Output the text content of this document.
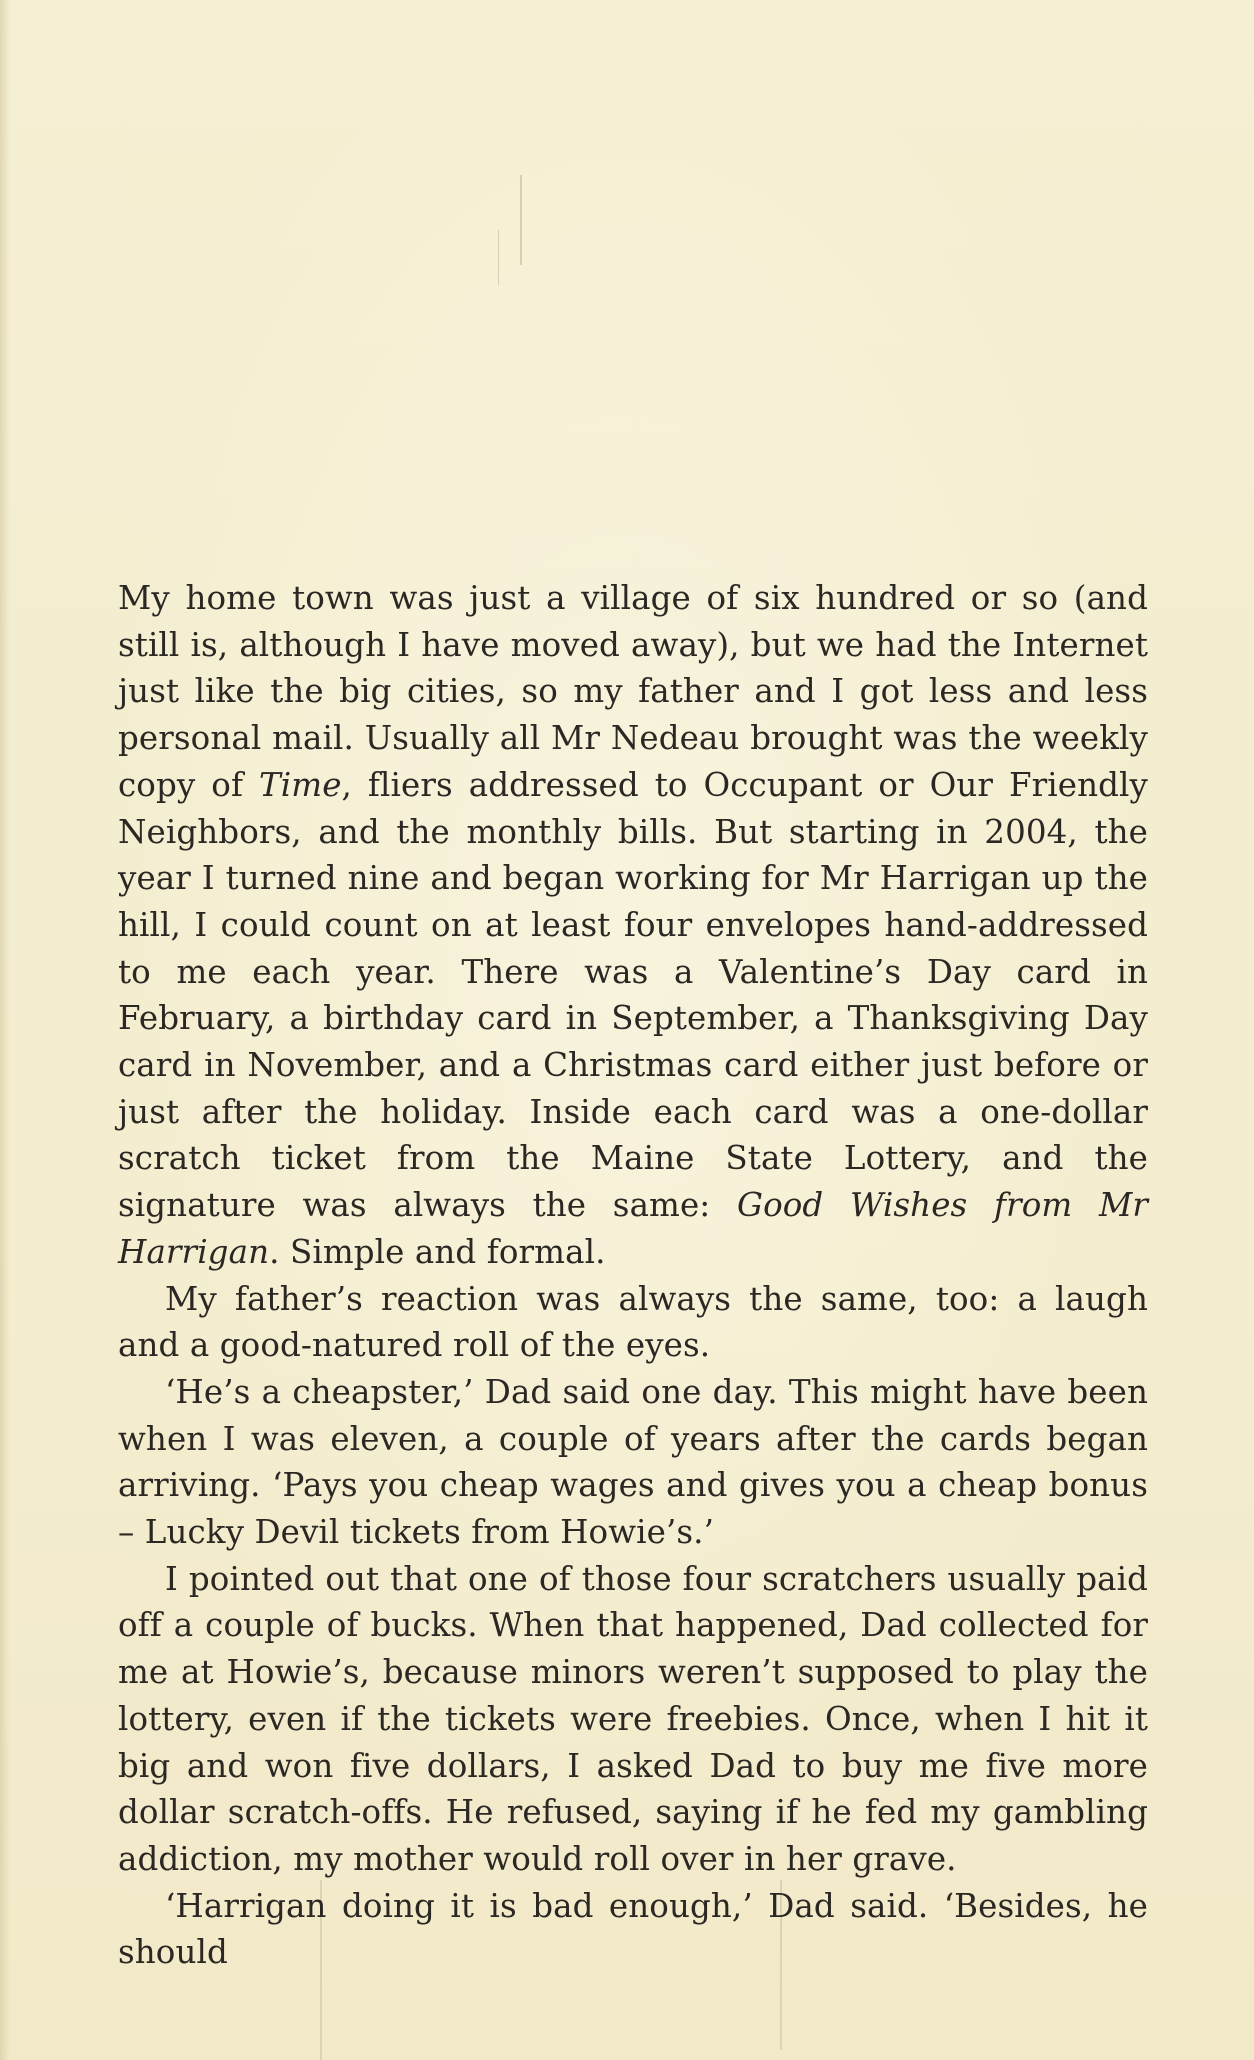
My home town was just a village of six hundred or so (and still is, although I have moved away), but we had the Internet just like the big cities, so my father and I got less and less personal mail. Usually all Mr Nedeau brought was the weekly copy of Time, fliers addressed to Occupant or Our Friendly Neighbors, and the monthly bills. But starting in 2004, the year I turned nine and began working for Mr Harrigan up the hill, I could count on at least four envelopes hand-addressed to me each year. There was a Valentine’s Day card in February, a birthday card in September, a Thanksgiving Day card in November, and a Christmas card either just before or just after the holiday. Inside each card was a one-dollar scratch ticket from the Maine State Lottery, and the signature was always the same: Good Wishes from Mr Harrigan. Simple and formal.

My father’s reaction was always the same, too: a laugh and a good-natured roll of the eyes.

‘He’s a cheapster,’ Dad said one day. This might have been when I was eleven, a couple of years after the cards began arriving. ‘Pays you cheap wages and gives you a cheap bonus – Lucky Devil tickets from Howie’s.’

I pointed out that one of those four scratchers usually paid off a couple of bucks. When that happened, Dad collected for me at Howie’s, because minors weren’t supposed to play the lottery, even if the tickets were freebies. Once, when I hit it big and won five dollars, I asked Dad to buy me five more dollar scratch-offs. He refused, saying if he fed my gambling addiction, my mother would roll over in her grave.

‘Harrigan doing it is bad enough,’ Dad said. ‘Besides, he should
